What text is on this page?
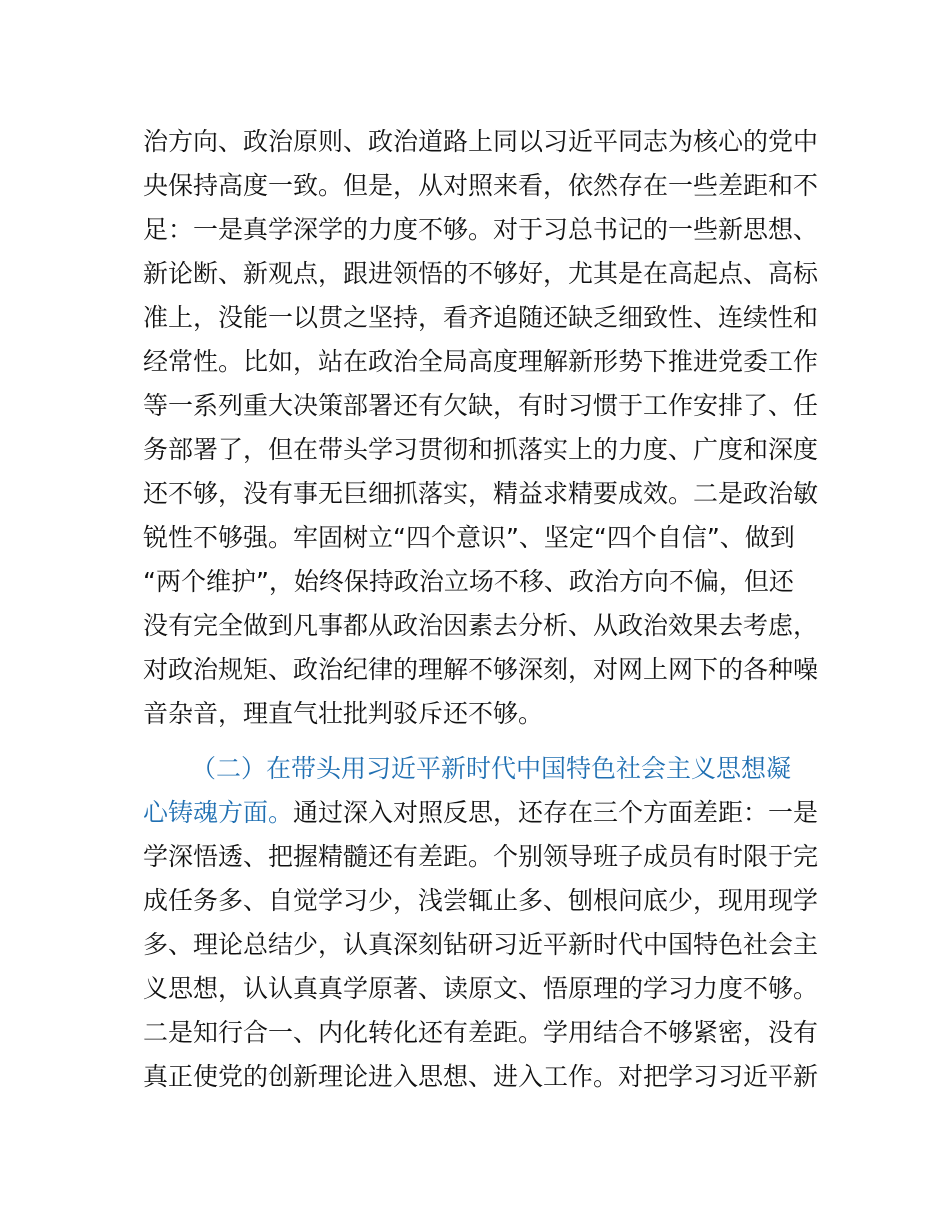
治方向、政治原则、政治道路上同以习近平同志为核心的党中
央保持高度一致。但是，从对照来看，依然存在一些差距和不
足：一是真学深学的力度不够。对于习总书记的一些新思想、
新论断、新观点，跟进领悟的不够好，尤其是在高起点、高标
准上，没能一以贯之坚持，看齐追随还缺乏细致性、连续性和
经常性。比如，站在政治全局高度理解新形势下推进党委工作
等一系列重大决策部署还有欠缺，有时习惯于工作安排了、任
务部署了，但在带头学习贯彻和抓落实上的力度、广度和深度
还不够，没有事无巨细抓落实，精益求精要成效。二是政治敏
锐性不够强。牢固树立“四个意识”、坚定“四个自信”、做到
“两个维护”，始终保持政治立场不移、政治方向不偏，但还
没有完全做到凡事都从政治因素去分析、从政治效果去考虑，
对政治规矩、政治纪律的理解不够深刻，对网上网下的各种噪
音杂音，理直气壮批判驳斥还不够。
（二）在带头用习近平新时代中国特色社会主义思想凝
心铸魂方面。通过深入对照反思，还存在三个方面差距：一是
学深悟透、把握精髓还有差距。个别领导班子成员有时限于完
成任务多、自觉学习少，浅尝辄止多、刨根问底少，现用现学
多、理论总结少，认真深刻钻研习近平新时代中国特色社会主
义思想，认认真真学原著、读原文、悟原理的学习力度不够。
二是知行合一、内化转化还有差距。学用结合不够紧密，没有
真正使党的创新理论进入思想、进入工作。对把学习习近平新
